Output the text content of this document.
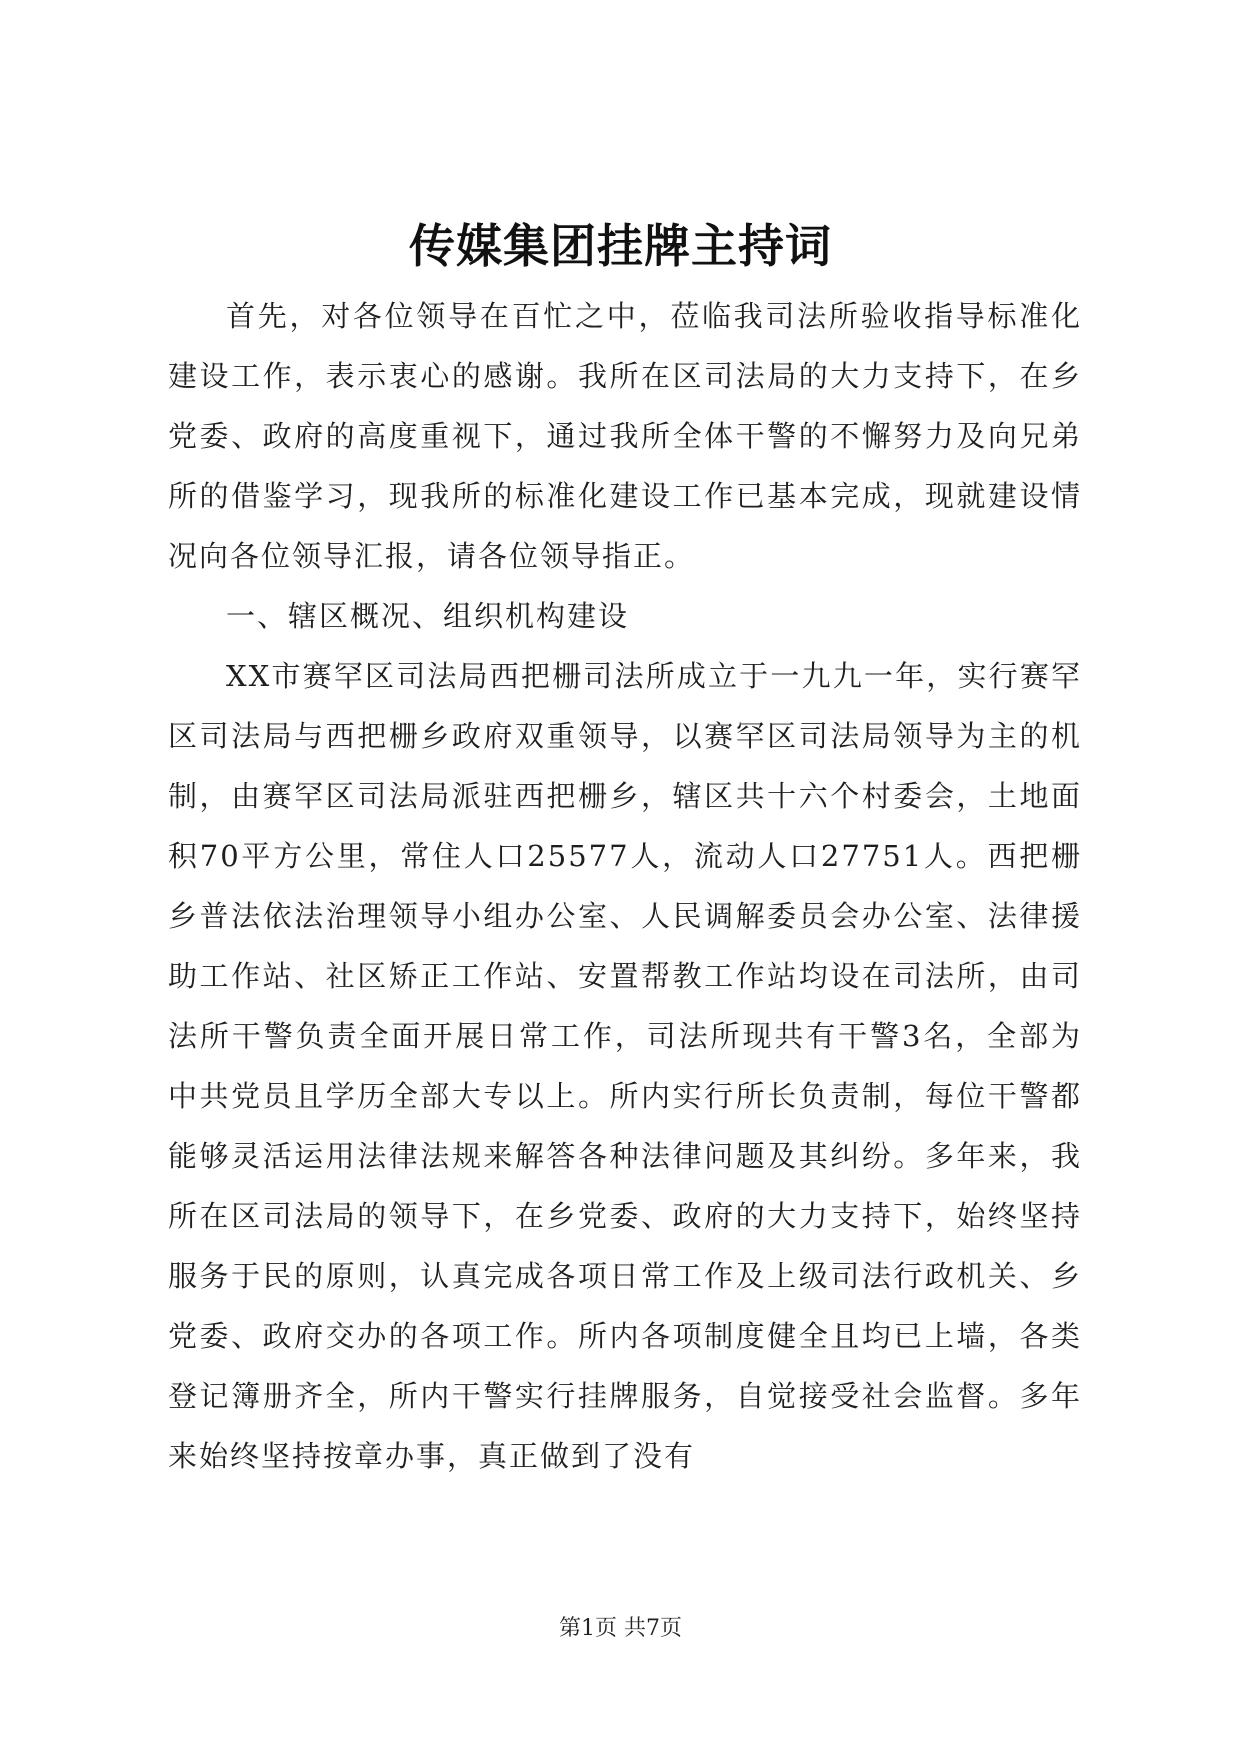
传媒集团挂牌主持词

首先，对各位领导在百忙之中，莅临我司法所验收指导标准化建设工作，表示衷心的感谢。我所在区司法局的大力支持下，在乡党委、政府的高度重视下，通过我所全体干警的不懈努力及向兄弟所的借鉴学习，现我所的标准化建设工作已基本完成，现就建设情况向各位领导汇报，请各位领导指正。

一、辖区概况、组织机构建设

XX市赛罕区司法局西把栅司法所成立于一九九一年，实行赛罕区司法局与西把栅乡政府双重领导，以赛罕区司法局领导为主的机制，由赛罕区司法局派驻西把栅乡，辖区共十六个村委会，土地面积70平方公里，常住人口25577人，流动人口27751人。西把栅乡普法依法治理领导小组办公室、人民调解委员会办公室、法律援助工作站、社区矫正工作站、安置帮教工作站均设在司法所，由司法所干警负责全面开展日常工作，司法所现共有干警3名，全部为中共党员且学历全部大专以上。所内实行所长负责制，每位干警都能够灵活运用法律法规来解答各种法律问题及其纠纷。多年来，我所在区司法局的领导下，在乡党委、政府的大力支持下，始终坚持服务于民的原则，认真完成各项日常工作及上级司法行政机关、乡党委、政府交办的各项工作。所内各项制度健全且均已上墙，各类登记簿册齐全，所内干警实行挂牌服务，自觉接受社会监督。多年来始终坚持按章办事，真正做到了没有

第1页 共7页
